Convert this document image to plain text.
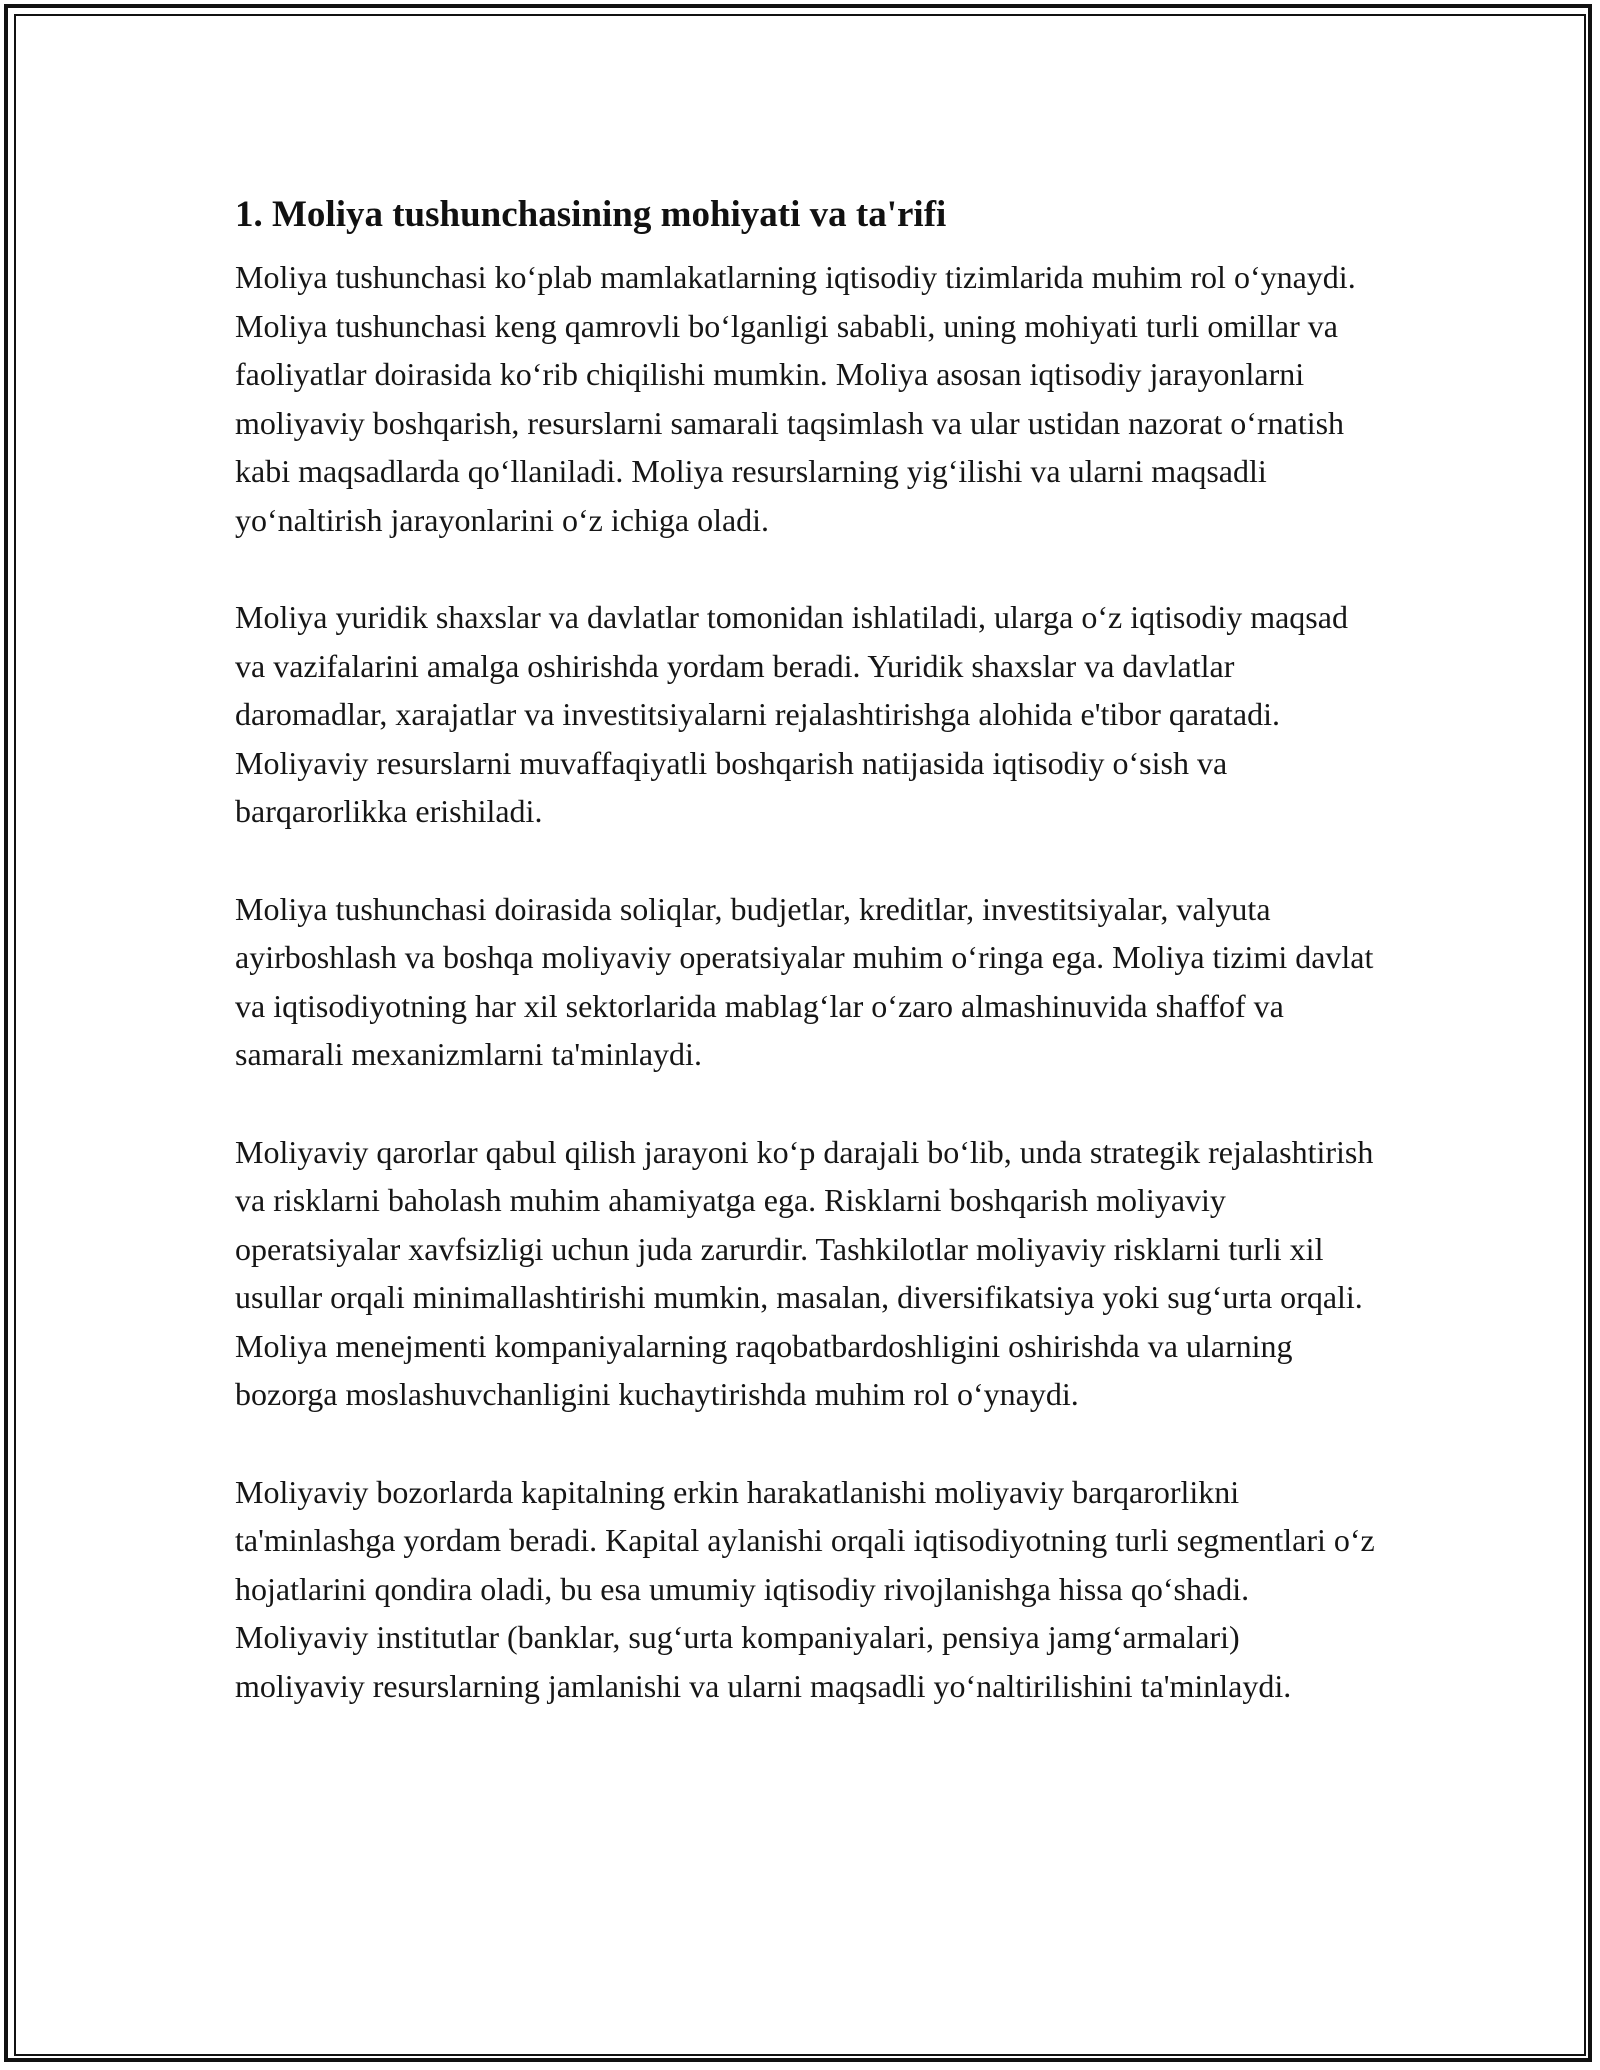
1. Moliya tushunchasining mohiyati va ta'rifi

Moliya tushunchasi ko‘plab mamlakatlarning iqtisodiy tizimlarida muhim rol o‘ynaydi. Moliya tushunchasi keng qamrovli bo‘lganligi sababli, uning mohiyati turli omillar va faoliyatlar doirasida ko‘rib chiqilishi mumkin. Moliya asosan iqtisodiy jarayonlarni moliyaviy boshqarish, resurslarni samarali taqsimlash va ular ustidan nazorat o‘rnatish kabi maqsadlarda qo‘llaniladi. Moliya resurslarning yig‘ilishi va ularni maqsadli yo‘naltirish jarayonlarini o‘z ichiga oladi.

Moliya yuridik shaxslar va davlatlar tomonidan ishlatiladi, ularga o‘z iqtisodiy maqsad va vazifalarini amalga oshirishda yordam beradi. Yuridik shaxslar va davlatlar daromadlar, xarajatlar va investitsiyalarni rejalashtirishga alohida e'tibor qaratadi. Moliyaviy resurslarni muvaffaqiyatli boshqarish natijasida iqtisodiy o‘sish va barqarorlikka erishiladi.

Moliya tushunchasi doirasida soliqlar, budjetlar, kreditlar, investitsiyalar, valyuta ayirboshlash va boshqa moliyaviy operatsiyalar muhim o‘ringa ega. Moliya tizimi davlat va iqtisodiyotning har xil sektorlarida mablag‘lar o‘zaro almashinuvida shaffof va samarali mexanizmlarni ta'minlaydi.

Moliyaviy qarorlar qabul qilish jarayoni ko‘p darajali bo‘lib, unda strategik rejalashtirish va risklarni baholash muhim ahamiyatga ega. Risklarni boshqarish moliyaviy operatsiyalar xavfsizligi uchun juda zarurdir. Tashkilotlar moliyaviy risklarni turli xil usullar orqali minimallashtirishi mumkin, masalan, diversifikatsiya yoki sug‘urta orqali. Moliya menejmenti kompaniyalarning raqobatbardoshligini oshirishda va ularning bozorga moslashuvchanligini kuchaytirishda muhim rol o‘ynaydi.

Moliyaviy bozorlarda kapitalning erkin harakatlanishi moliyaviy barqarorlikni ta'minlashga yordam beradi. Kapital aylanishi orqali iqtisodiyotning turli segmentlari o‘z hojatlarini qondira oladi, bu esa umumiy iqtisodiy rivojlanishga hissa qo‘shadi. Moliyaviy institutlar (banklar, sug‘urta kompaniyalari, pensiya jamg‘armalari) moliyaviy resurslarning jamlanishi va ularni maqsadli yo‘naltirilishini ta'minlaydi.
